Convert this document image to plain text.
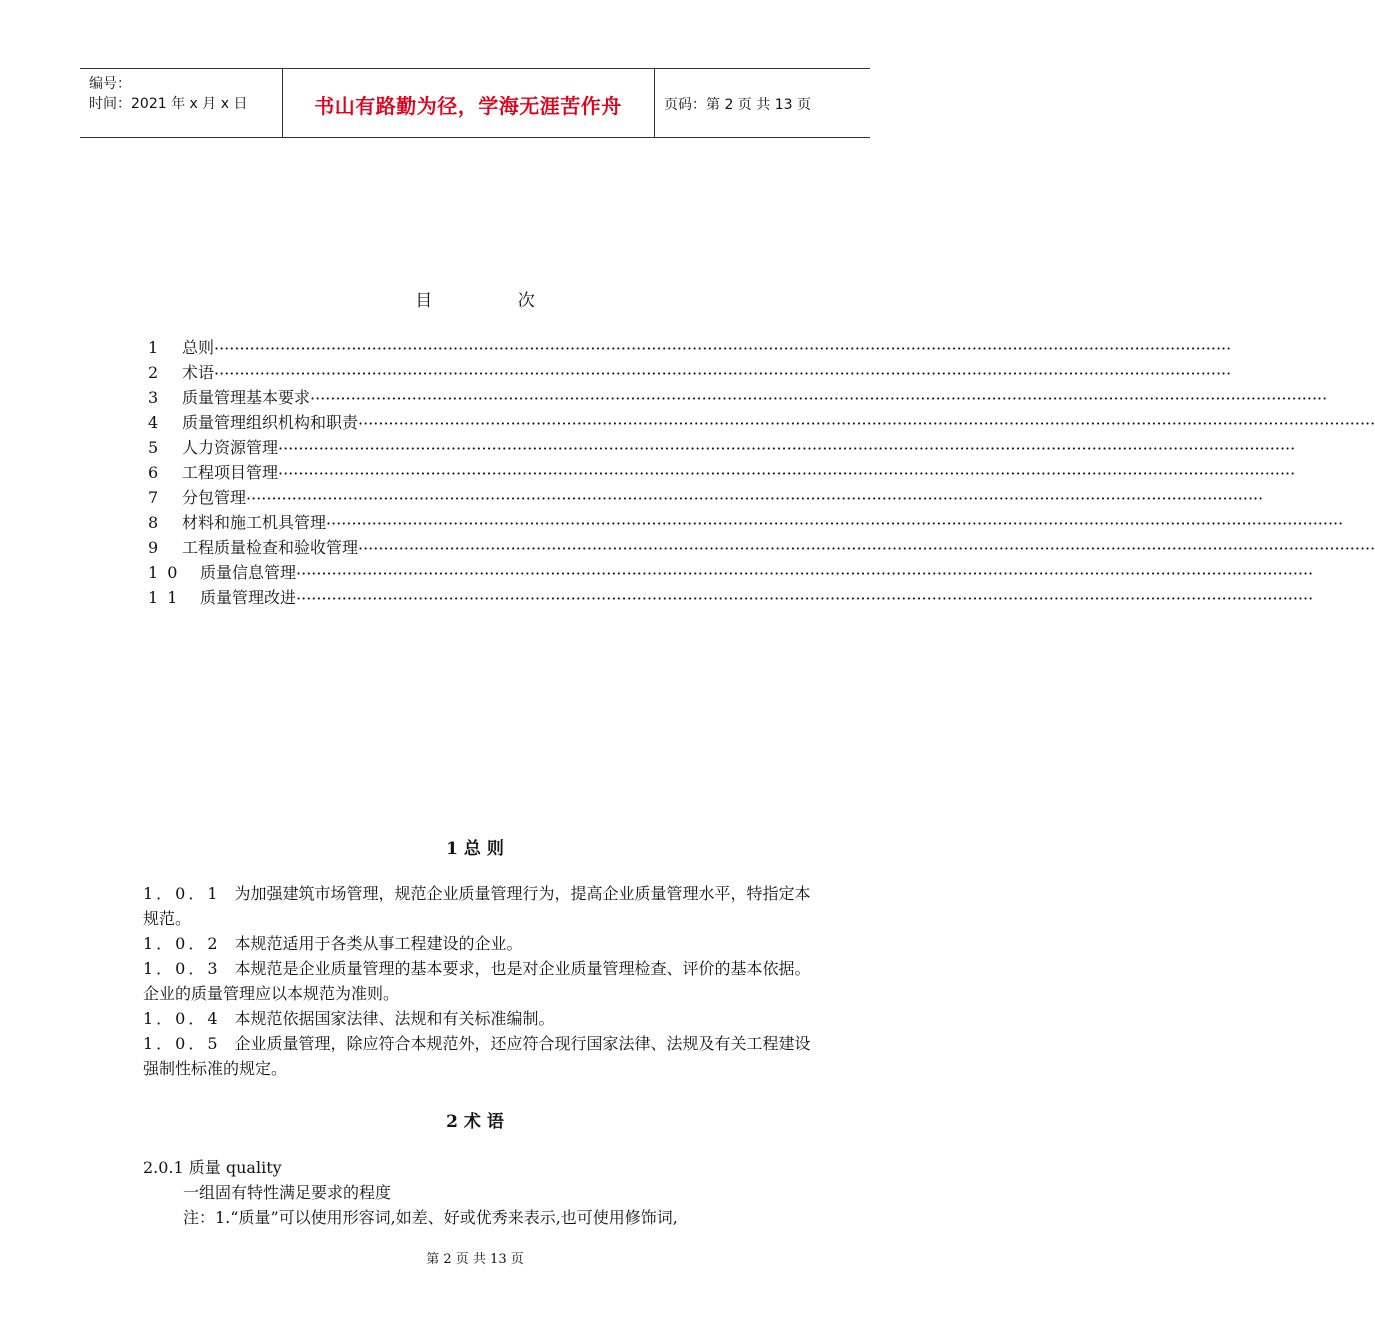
编号：
时间：2021 年 x 月 x 日	书山有路勤为径，学海无涯苦作舟	页码：第 2 页 共 13 页
目 次
1 总则········································································································································································································
2 术语········································································································································································································
3 质量管理基本要求········································································································································································································
4 质量管理组织机构和职责········································································································································································································
5 人力资源管理········································································································································································································
6 工程项目管理········································································································································································································
7 分包管理········································································································································································································
8 材料和施工机具管理········································································································································································································
9 工程质量检查和验收管理········································································································································································································
1 0 质量信息管理········································································································································································································
1 1 质量管理改进········································································································································································································
1 总 则
1．0．1 为加强建筑市场管理，规范企业质量管理行为，提高企业质量管理水平，特指定本规范。
1．0．2 本规范适用于各类从事工程建设的企业。
1．0．3 本规范是企业质量管理的基本要求，也是对企业质量管理检查、评价的基本依据。企业的质量管理应以本规范为准则。
1．0．4 本规范依据国家法律、法规和有关标准编制。
1．0．5 企业质量管理，除应符合本规范外，还应符合现行国家法律、法规及有关工程建设强制性标准的规定。
2 术 语
2.0.1 质量 quality
一组固有特性满足要求的程度
注：1.“质量”可以使用形容词,如差、好或优秀来表示,也可使用修饰词,
第 2 页 共 13 页
